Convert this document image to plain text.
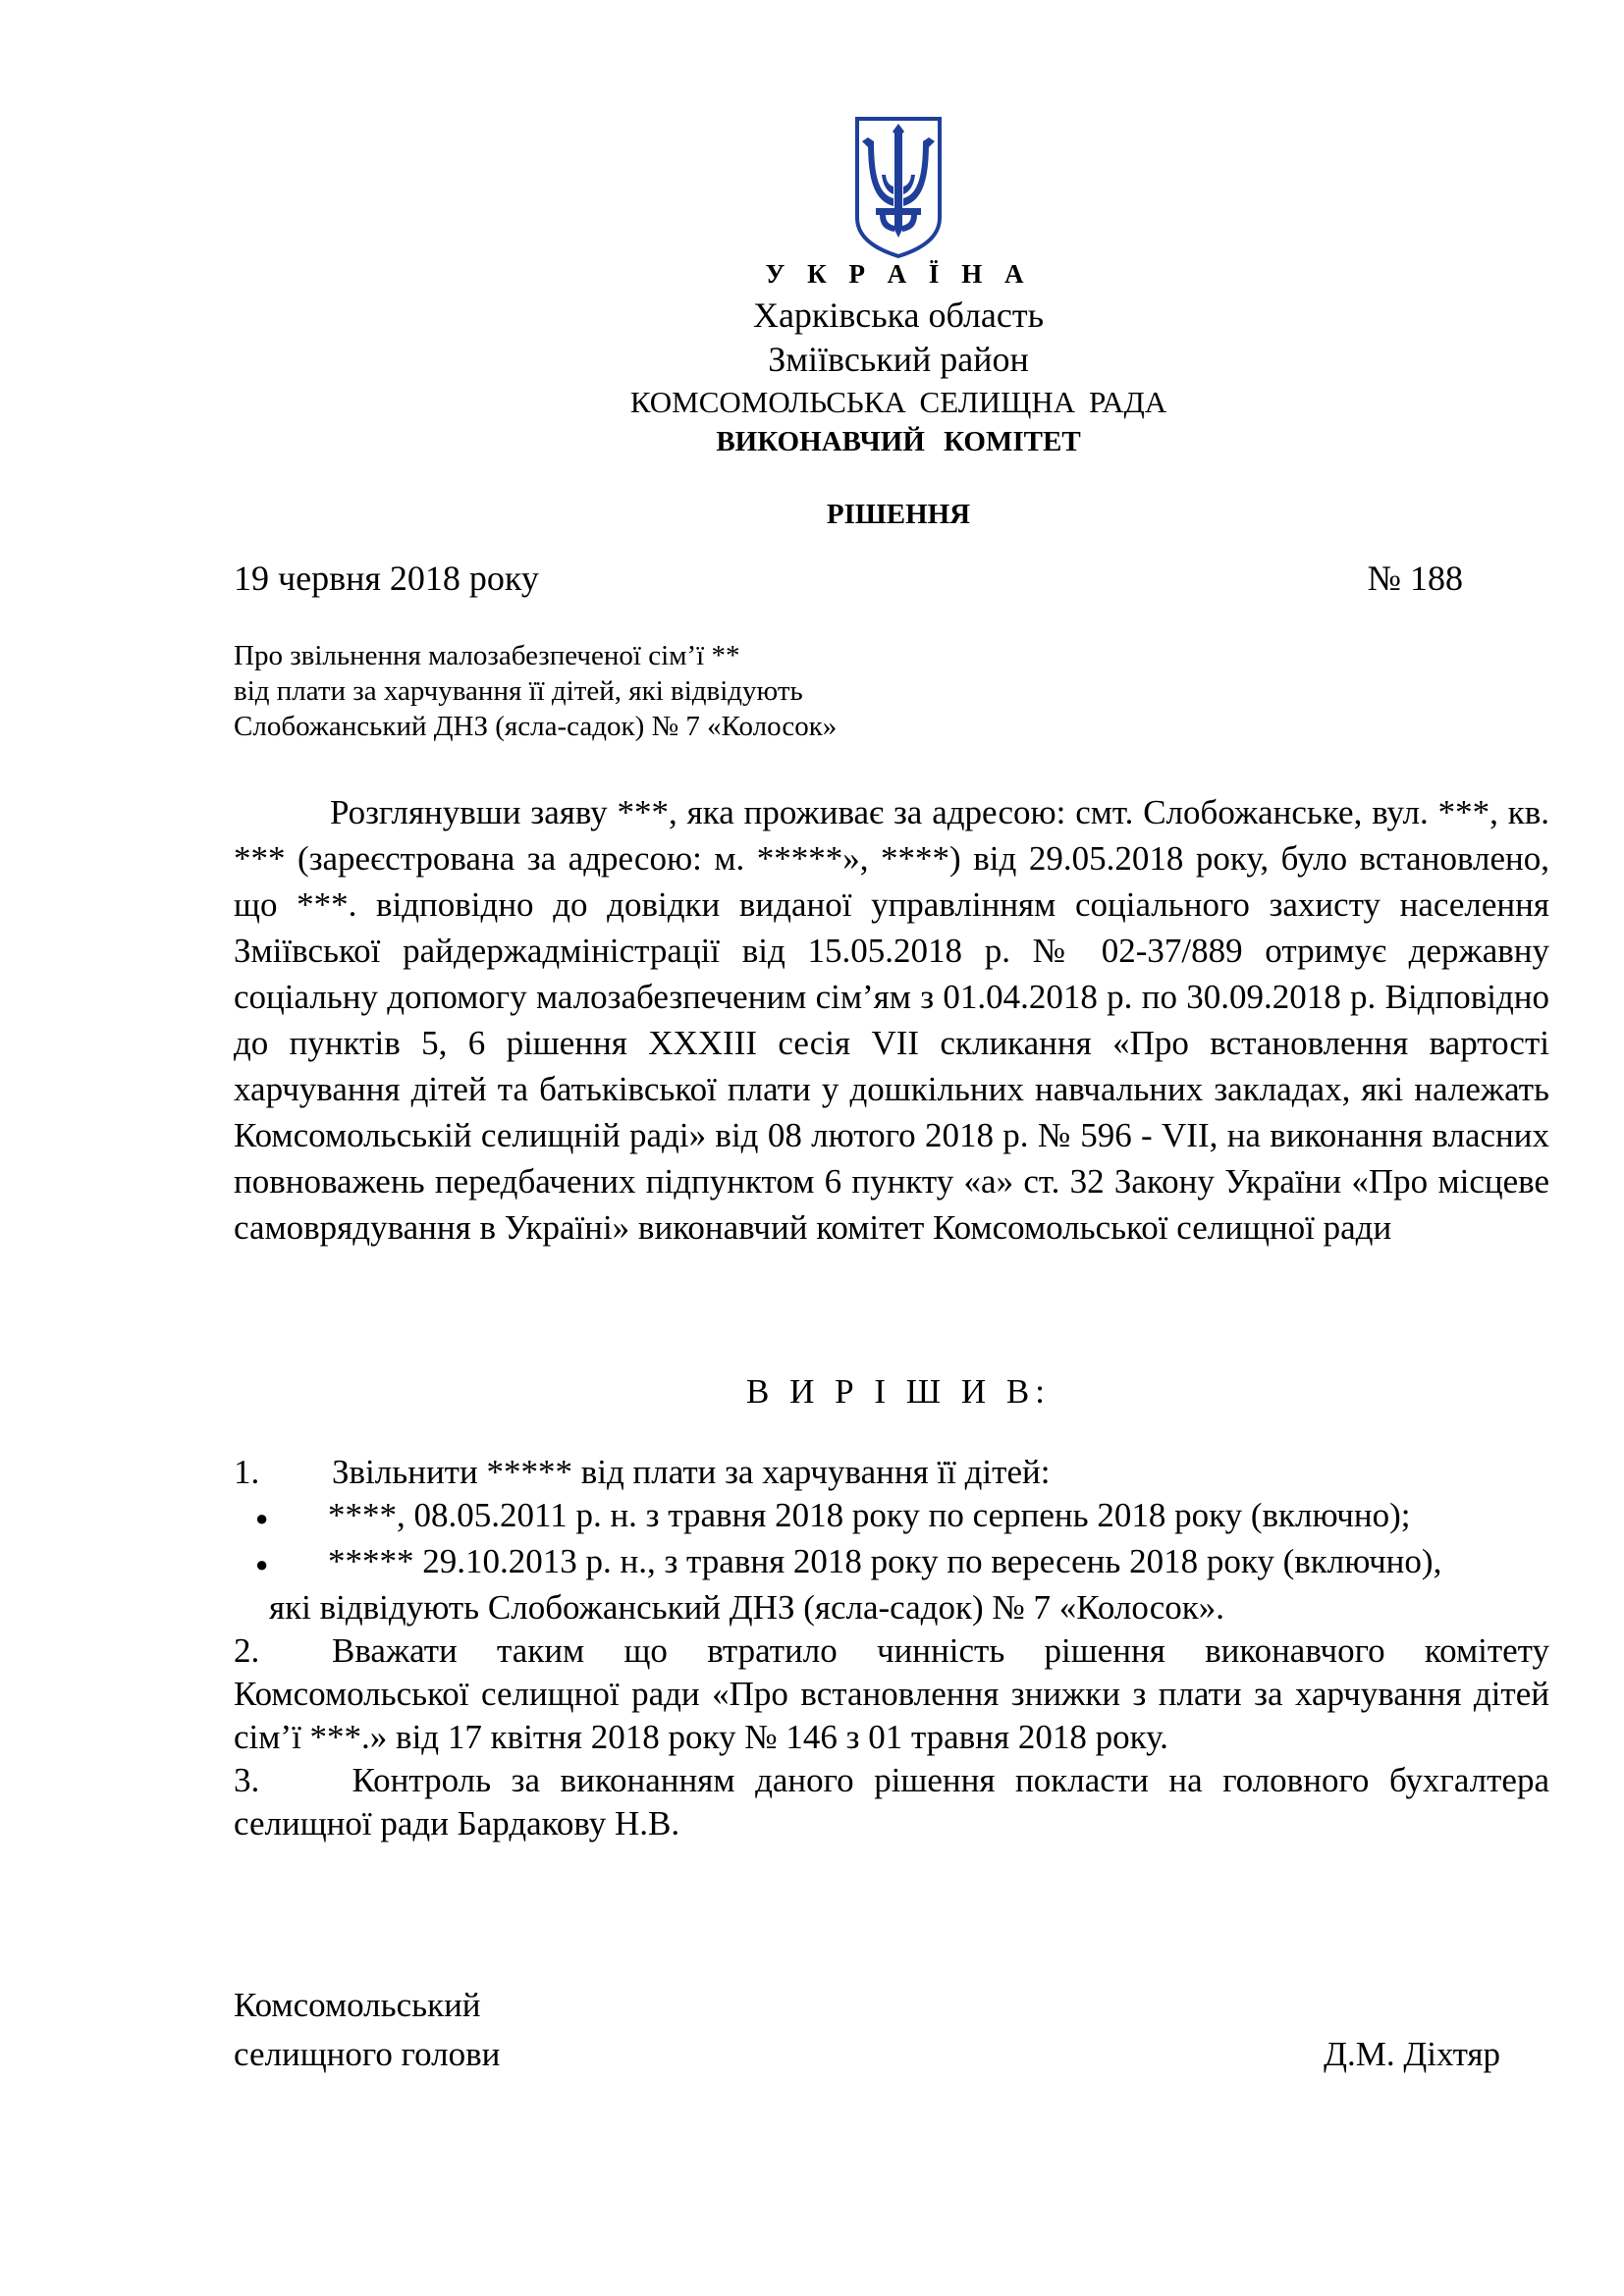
У К Р А Ї Н А
Харківська область
Зміївський район
КОМСОМОЛЬСЬКА СЕЛИЩНА РАДА
ВИКОНАВЧИЙ КОМІТЕТ
РІШЕННЯ
19 червня 2018 року	№ 188
Про звільнення малозабезпеченої сім’ї **
від плати за харчування її дітей, які відвідують
Слобожанський ДНЗ (ясла-садок) № 7 «Колосок»

Розглянувши заяву ***, яка проживає за адресою: смт. Слобожанське, вул. ***, кв. *** (зареєстрована за адресою: м. *****», ****) від 29.05.2018 року, було встановлено, що ***. відповідно до довідки виданої управлінням соціального захисту населення Зміївської райдержадміністрації від 15.05.2018 р. № 02-37/889 отримує державну соціальну допомогу малозабезпеченим сім’ям з 01.04.2018 р. по 30.09.2018 р. Відповідно до пунктів 5, 6 рішення XXXIII сесія VII скликання «Про встановлення вартості харчування дітей та батьківської плати у дошкільних навчальних закладах, які належать Комсомольській селищній раді» від 08 лютого 2018 р. № 596 - VII, на виконання власних повноважень передбачених підпунктом 6 пункту «а» ст. 32 Закону України «Про місцеве самоврядування в Україні» виконавчий комітет Комсомольської селищної ради

В И Р І Ш И В:
1.	Звільнити ***** від плати за харчування її дітей:
● ****, 08.05.2011 р. н. з травня 2018 року по серпень 2018 року (включно);
● ***** 29.10.2013 р. н., з травня 2018 року по вересень 2018 року (включно),
які відвідують Слобожанський ДНЗ (ясла-садок) № 7 «Колосок».
2. Вважати таким що втратило чинність рішення виконавчого комітету Комсомольської селищної ради «Про встановлення знижки з плати за харчування дітей сім’ї ***.» від 17 квітня 2018 року № 146 з 01 травня 2018 року.
3. Контроль за виконанням даного рішення покласти на головного бухгалтера селищної ради Бардакову Н.В.
Комсомольський
селищного голови	Д.М. Діхтяр
